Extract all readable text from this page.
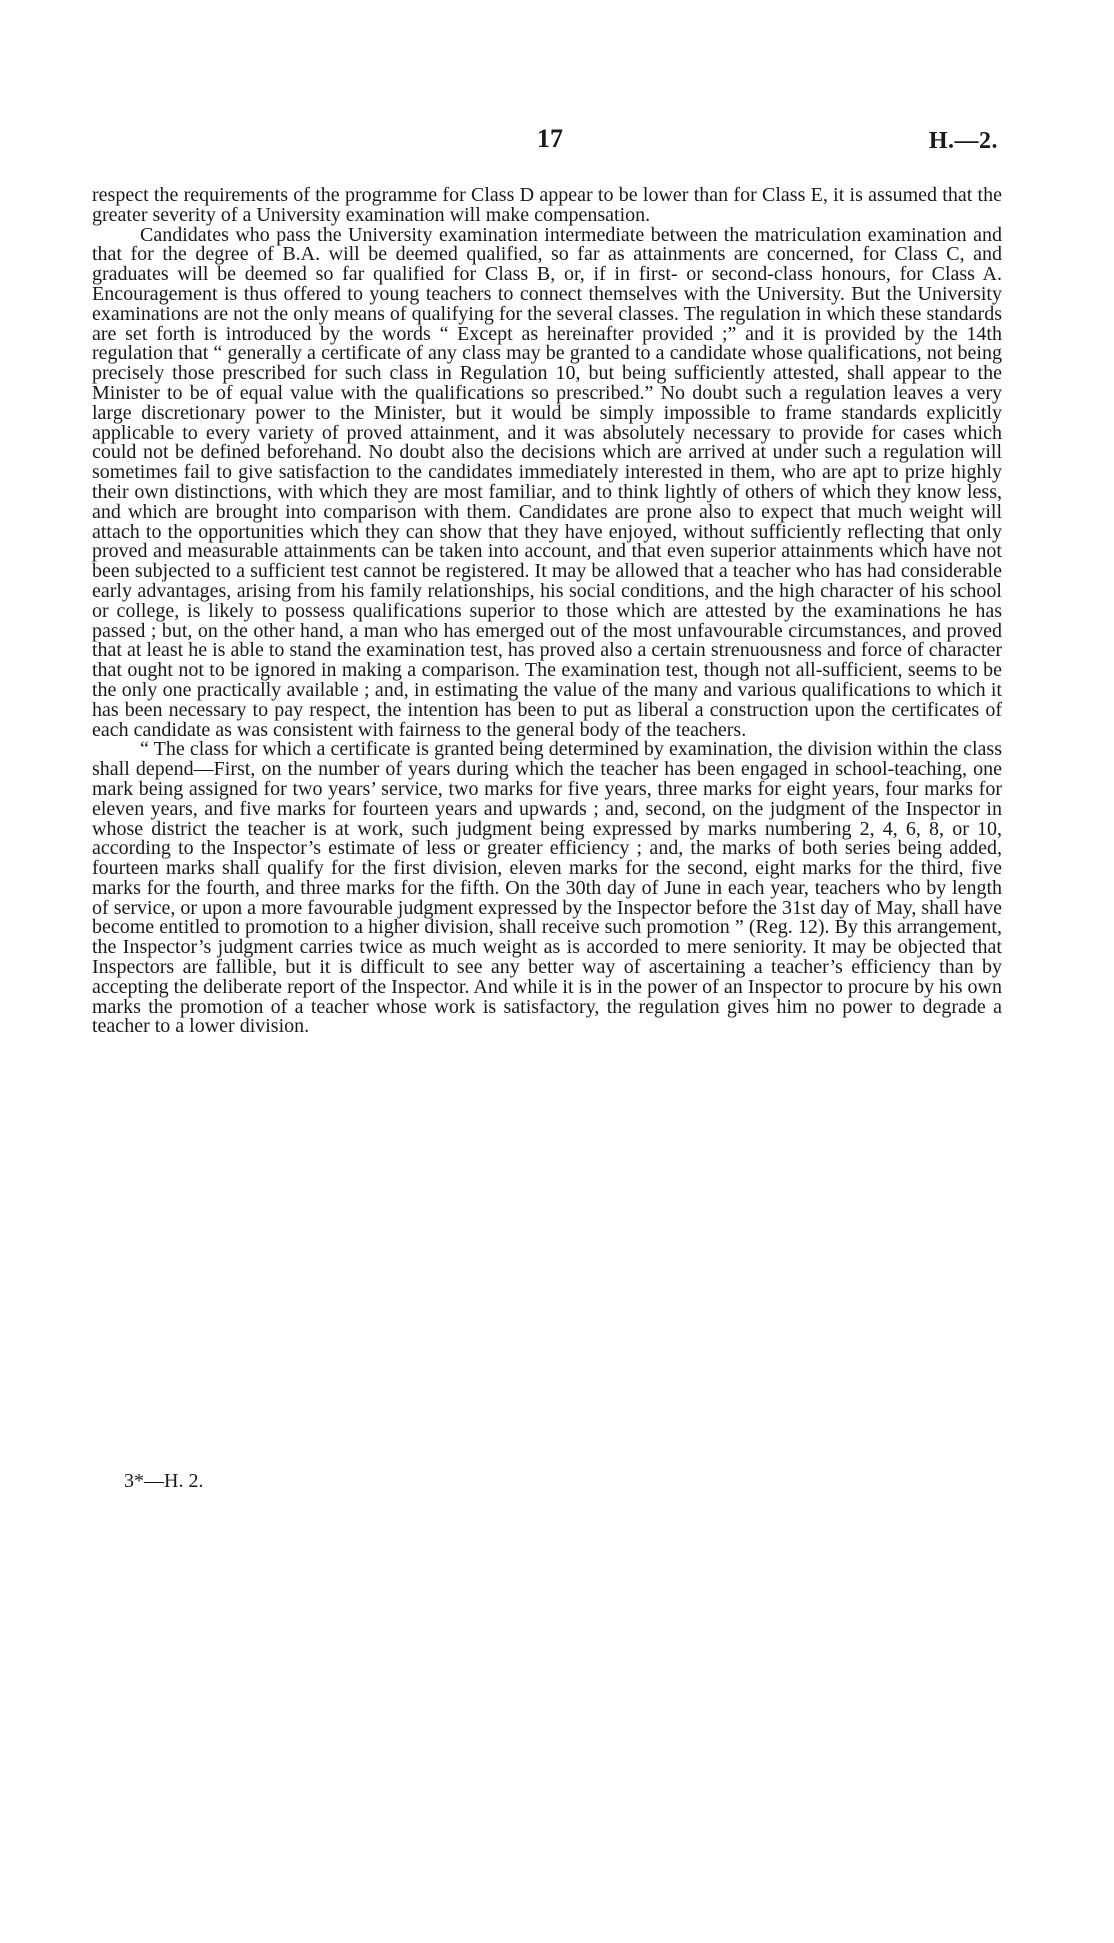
17	H.—2.

respect the requirements of the programme for Class D appear to be lower than for Class E, it is assumed that the greater severity of a University examination will make compensation.

Candidates who pass the University examination intermediate between the matriculation examination and that for the degree of B.A. will be deemed qualified, so far as attainments are concerned, for Class C, and graduates will be deemed so far qualified for Class B, or, if in first- or second-class honours, for Class A. Encouragement is thus offered to young teachers to connect themselves with the University. But the University examinations are not the only means of qualifying for the several classes. The regulation in which these standards are set forth is introduced by the words “ Except as hereinafter provided ;” and it is provided by the 14th regulation that “ generally a certificate of any class may be granted to a candidate whose qualifications, not being precisely those prescribed for such class in Regulation 10, but being sufficiently attested, shall appear to the Minister to be of equal value with the qualifications so prescribed.” No doubt such a regulation leaves a very large discretionary power to the Minister, but it would be simply impossible to frame standards explicitly applicable to every variety of proved attainment, and it was absolutely necessary to provide for cases which could not be defined beforehand. No doubt also the decisions which are arrived at under such a regulation will sometimes fail to give satisfaction to the candidates immediately interested in them, who are apt to prize highly their own distinctions, with which they are most familiar, and to think lightly of others of which they know less, and which are brought into comparison with them. Candidates are prone also to expect that much weight will attach to the opportunities which they can show that they have enjoyed, without sufficiently reflecting that only proved and measurable attainments can be taken into account, and that even superior attainments which have not been subjected to a sufficient test cannot be registered. It may be allowed that a teacher who has had considerable early advantages, arising from his family relationships, his social conditions, and the high character of his school or college, is likely to possess qualifications superior to those which are attested by the examinations he has passed ; but, on the other hand, a man who has emerged out of the most unfavourable circumstances, and proved that at least he is able to stand the examination test, has proved also a certain strenuousness and force of character that ought not to be ignored in making a comparison. The examination test, though not all-sufficient, seems to be the only one practically available ; and, in estimating the value of the many and various qualifications to which it has been necessary to pay respect, the intention has been to put as liberal a construction upon the certificates of each candidate as was consistent with fairness to the general body of the teachers.

“ The class for which a certificate is granted being determined by examination, the division within the class shall depend—First, on the number of years during which the teacher has been engaged in school-teaching, one mark being assigned for two years’ service, two marks for five years, three marks for eight years, four marks for eleven years, and five marks for fourteen years and upwards ; and, second, on the judgment of the Inspector in whose district the teacher is at work, such judgment being expressed by marks numbering 2, 4, 6, 8, or 10, according to the Inspector’s estimate of less or greater efficiency ; and, the marks of both series being added, fourteen marks shall qualify for the first division, eleven marks for the second, eight marks for the third, five marks for the fourth, and three marks for the fifth. On the 30th day of June in each year, teachers who by length of service, or upon a more favourable judgment expressed by the Inspector before the 31st day of May, shall have become entitled to promotion to a higher division, shall receive such promotion ” (Reg. 12). By this arrangement, the Inspector’s judgment carries twice as much weight as is accorded to mere seniority. It may be objected that Inspectors are fallible, but it is difficult to see any better way of ascertaining a teacher’s efficiency than by accepting the deliberate report of the Inspector. And while it is in the power of an Inspector to procure by his own marks the promotion of a teacher whose work is satisfactory, the regulation gives him no power to degrade a teacher to a lower division.

3*—H. 2.
